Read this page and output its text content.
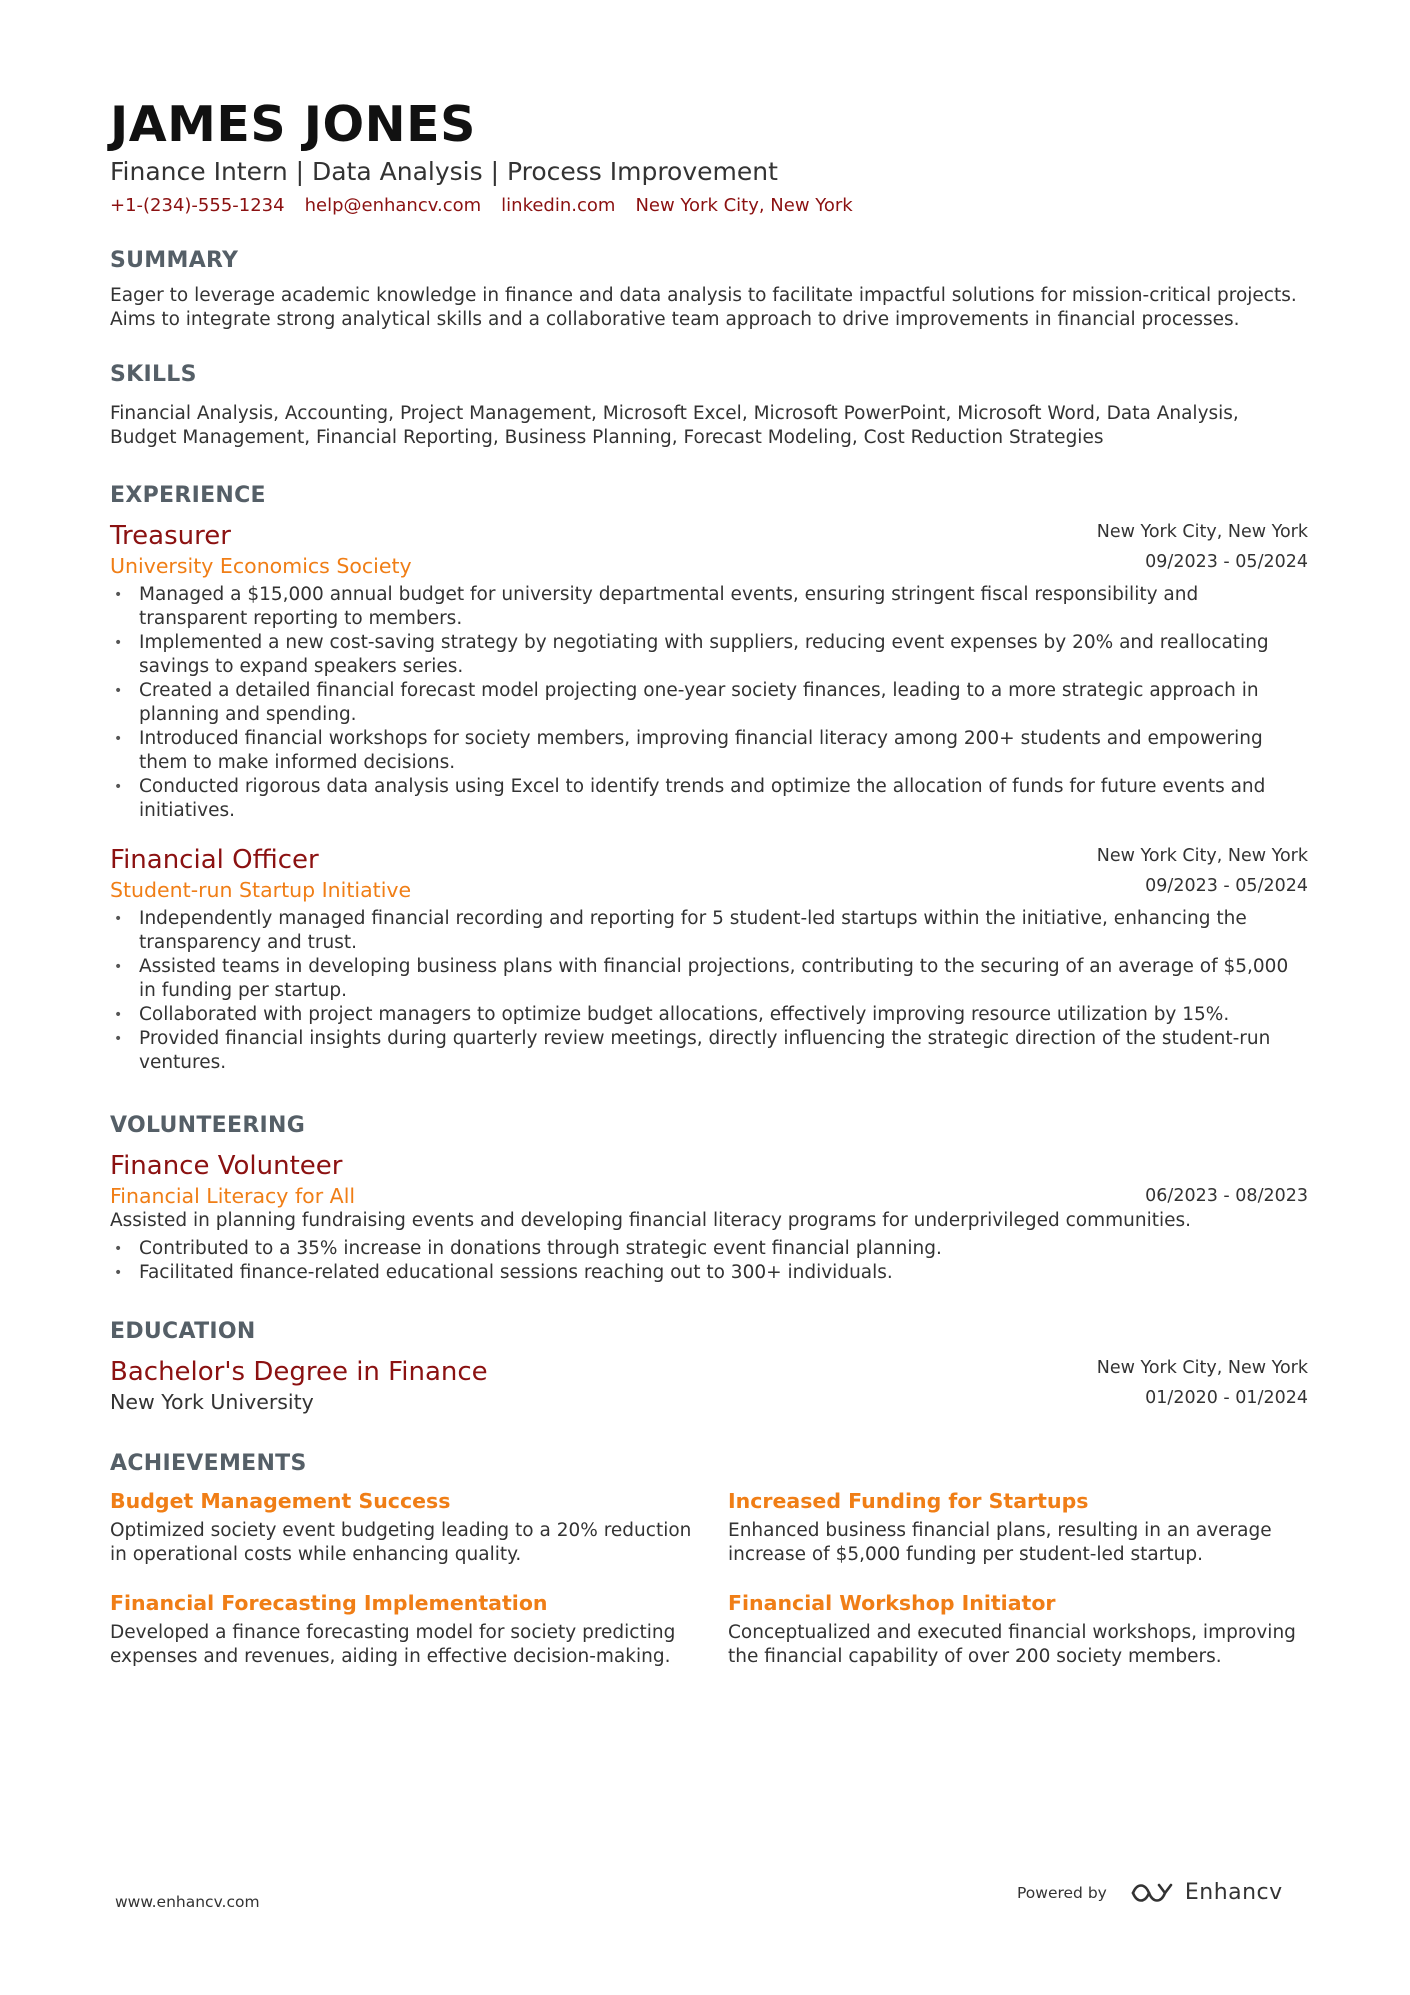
JAMES JONES
Finance Intern | Data Analysis | Process Improvement
+1-(234)-555-1234 help@enhancv.com linkedin.com New York City, New York
SUMMARY
Eager to leverage academic knowledge in finance and data analysis to facilitate impactful solutions for mission-critical projects. Aims to integrate strong analytical skills and a collaborative team approach to drive improvements in financial processes.
SKILLS
Financial Analysis, Accounting, Project Management, Microsoft Excel, Microsoft PowerPoint, Microsoft Word, Data Analysis, Budget Management, Financial Reporting, Business Planning, Forecast Modeling, Cost Reduction Strategies
EXPERIENCE
New York City, New York
09/2023 - 05/2024
Treasurer
University Economics Society
• Managed a $15,000 annual budget for university departmental events, ensuring stringent fiscal responsibility and transparent reporting to members.
• Implemented a new cost-saving strategy by negotiating with suppliers, reducing event expenses by 20% and reallocating savings to expand speakers series.
• Created a detailed financial forecast model projecting one-year society finances, leading to a more strategic approach in planning and spending.
• Introduced financial workshops for society members, improving financial literacy among 200+ students and empowering them to make informed decisions.
• Conducted rigorous data analysis using Excel to identify trends and optimize the allocation of funds for future events and initiatives.
New York City, New York
09/2023 - 05/2024
Financial Officer
Student-run Startup Initiative
• Independently managed financial recording and reporting for 5 student-led startups within the initiative, enhancing the transparency and trust.
• Assisted teams in developing business plans with financial projections, contributing to the securing of an average of $5,000 in funding per startup.
• Collaborated with project managers to optimize budget allocations, effectively improving resource utilization by 15%.
• Provided financial insights during quarterly review meetings, directly influencing the strategic direction of the student-run ventures.
VOLUNTEERING
06/2023 - 08/2023
Finance Volunteer
Financial Literacy for All
Assisted in planning fundraising events and developing financial literacy programs for underprivileged communities.
• Contributed to a 35% increase in donations through strategic event financial planning.
• Facilitated finance-related educational sessions reaching out to 300+ individuals.
EDUCATION
New York City, New York
01/2020 - 01/2024
Bachelor's Degree in Finance
New York University
ACHIEVEMENTS
Budget Management Success
Optimized society event budgeting leading to a 20% reduction in operational costs while enhancing quality.
Increased Funding for Startups
Enhanced business financial plans, resulting in an average increase of $5,000 funding per student-led startup.
Financial Forecasting Implementation
Developed a finance forecasting model for society predicting expenses and revenues, aiding in effective decision-making.
Financial Workshop Initiator
Conceptualized and executed financial workshops, improving the financial capability of over 200 society members.
www.enhancv.com
Powered by	Enhancv
